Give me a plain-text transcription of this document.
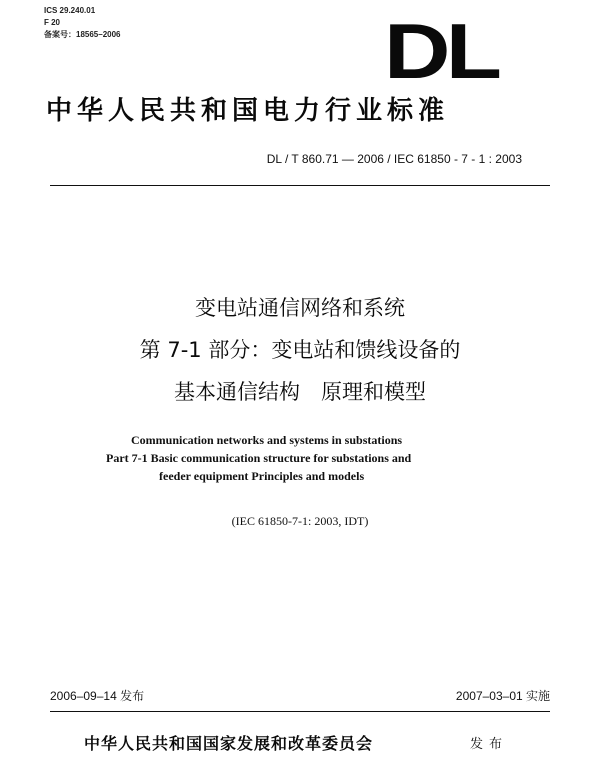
ICS 29.240.01
F 20
备案号：18565–2006	DL
中华人民共和国电力行业标准
DL / T 860.71 — 2006 / IEC 61850 - 7 - 1 : 2003
变电站通信网络和系统
第 7-1 部分：变电站和馈线设备的
基本通信结构　原理和模型
Communication networks and systems in substations
Part 7-1 Basic communication structure for substations and
feeder equipment Principles and models
(IEC 61850-7-1: 2003, IDT)
2006–09–14 发布	2007–03–01 实施
中华人民共和国国家发展和改革委员会	发布
